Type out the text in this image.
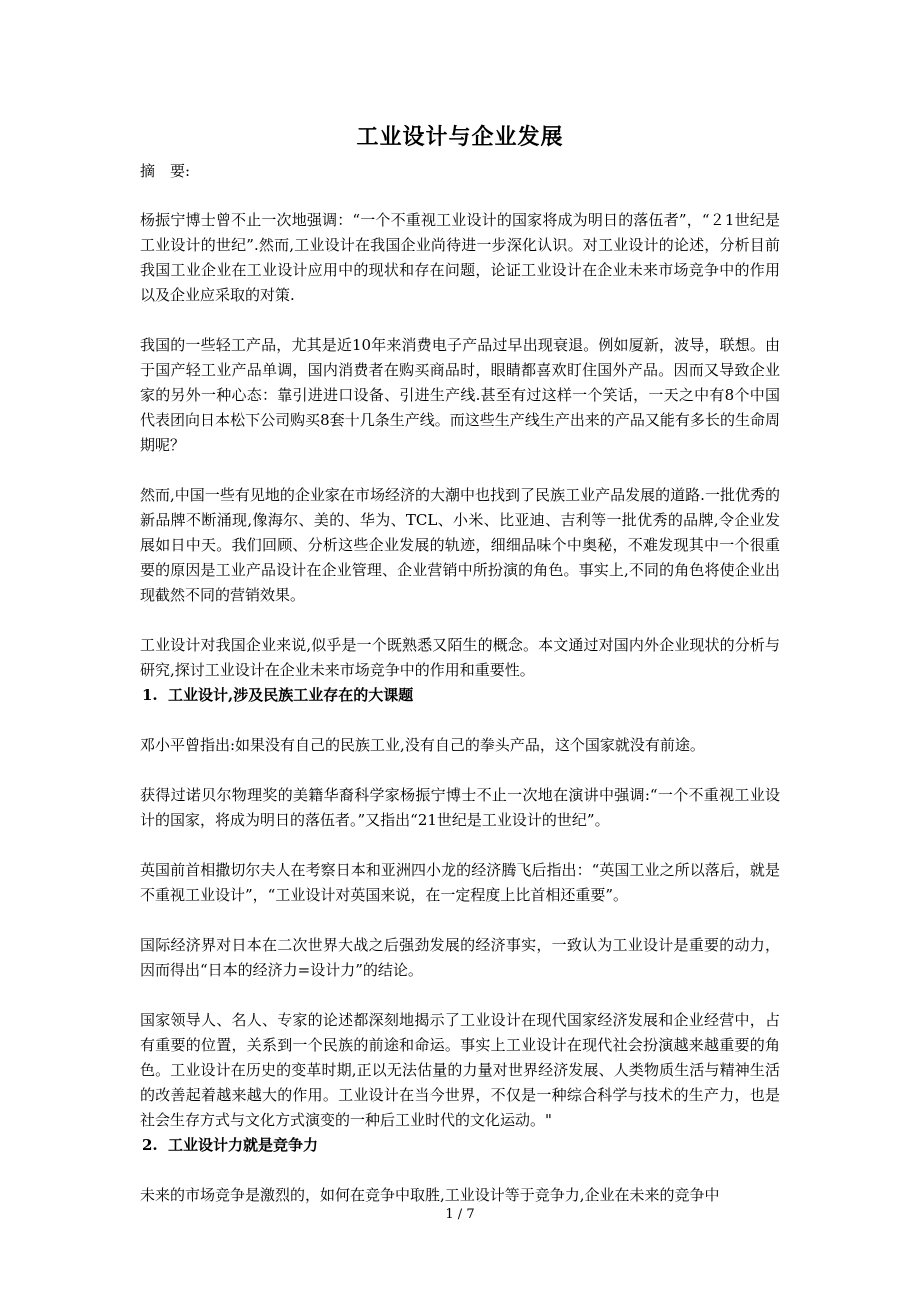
工业设计与企业发展
摘　要:

杨振宁博士曾不止一次地强调：“一个不重视工业设计的国家将成为明日的落伍者”，“２1世纪是工业设计的世纪”.然而,工业设计在我国企业尚待进一步深化认识。对工业设计的论述，分析目前我国工业企业在工业设计应用中的现状和存在问题，论证工业设计在企业未来市场竞争中的作用以及企业应采取的对策.

我国的一些轻工产品，尤其是近10年来消费电子产品过早出现衰退。例如厦新，波导，联想。由于国产轻工业产品单调，国内消费者在购买商品时，眼睛都喜欢盯住国外产品。因而又导致企业家的另外一种心态：靠引进进口设备、引进生产线.甚至有过这样一个笑话，一天之中有8个中国代表团向日本松下公司购买8套十几条生产线。而这些生产线生产出来的产品又能有多长的生命周期呢？

然而,中国一些有见地的企业家在市场经济的大潮中也找到了民族工业产品发展的道路.一批优秀的新品牌不断涌现,像海尔、美的、华为、TCL、小米、比亚迪、吉利等一批优秀的品牌,令企业发展如日中天。我们回顾、分析这些企业发展的轨迹，细细品味个中奥秘，不难发现其中一个很重要的原因是工业产品设计在企业管理、企业营销中所扮演的角色。事实上,不同的角色将使企业出现截然不同的营销效果。

工业设计对我国企业来说,似乎是一个既熟悉又陌生的概念。本文通过对国内外企业现状的分析与研究,探讨工业设计在企业未来市场竞争中的作用和重要性。

1. 工业设计,涉及民族工业存在的大课题

邓小平曾指出:如果没有自己的民族工业,没有自己的拳头产品，这个国家就没有前途。

获得过诺贝尔物理奖的美籍华裔科学家杨振宁博士不止一次地在演讲中强调:“一个不重视工业设计的国家，将成为明日的落伍者。”又指出“21世纪是工业设计的世纪”。

英国前首相撒切尔夫人在考察日本和亚洲四小龙的经济腾飞后指出：“英国工业之所以落后，就是不重视工业设计”，“工业设计对英国来说，在一定程度上比首相还重要”。

国际经济界对日本在二次世界大战之后强劲发展的经济事实，一致认为工业设计是重要的动力，因而得出“日本的经济力=设计力”的结论。

国家领导人、名人、专家的论述都深刻地揭示了工业设计在现代国家经济发展和企业经营中，占有重要的位置，关系到一个民族的前途和命运。事实上工业设计在现代社会扮演越来越重要的角色。工业设计在历史的变革时期,正以无法估量的力量对世界经济发展、人类物质生活与精神生活的改善起着越来越大的作用。工业设计在当今世界，不仅是一种综合科学与技术的生产力，也是社会生存方式与文化方式演变的一种后工业时代的文化运动。"

2. 工业设计力就是竞争力

未来的市场竞争是激烈的，如何在竞争中取胜,工业设计等于竞争力,企业在未来的竞争中

1 / 7
